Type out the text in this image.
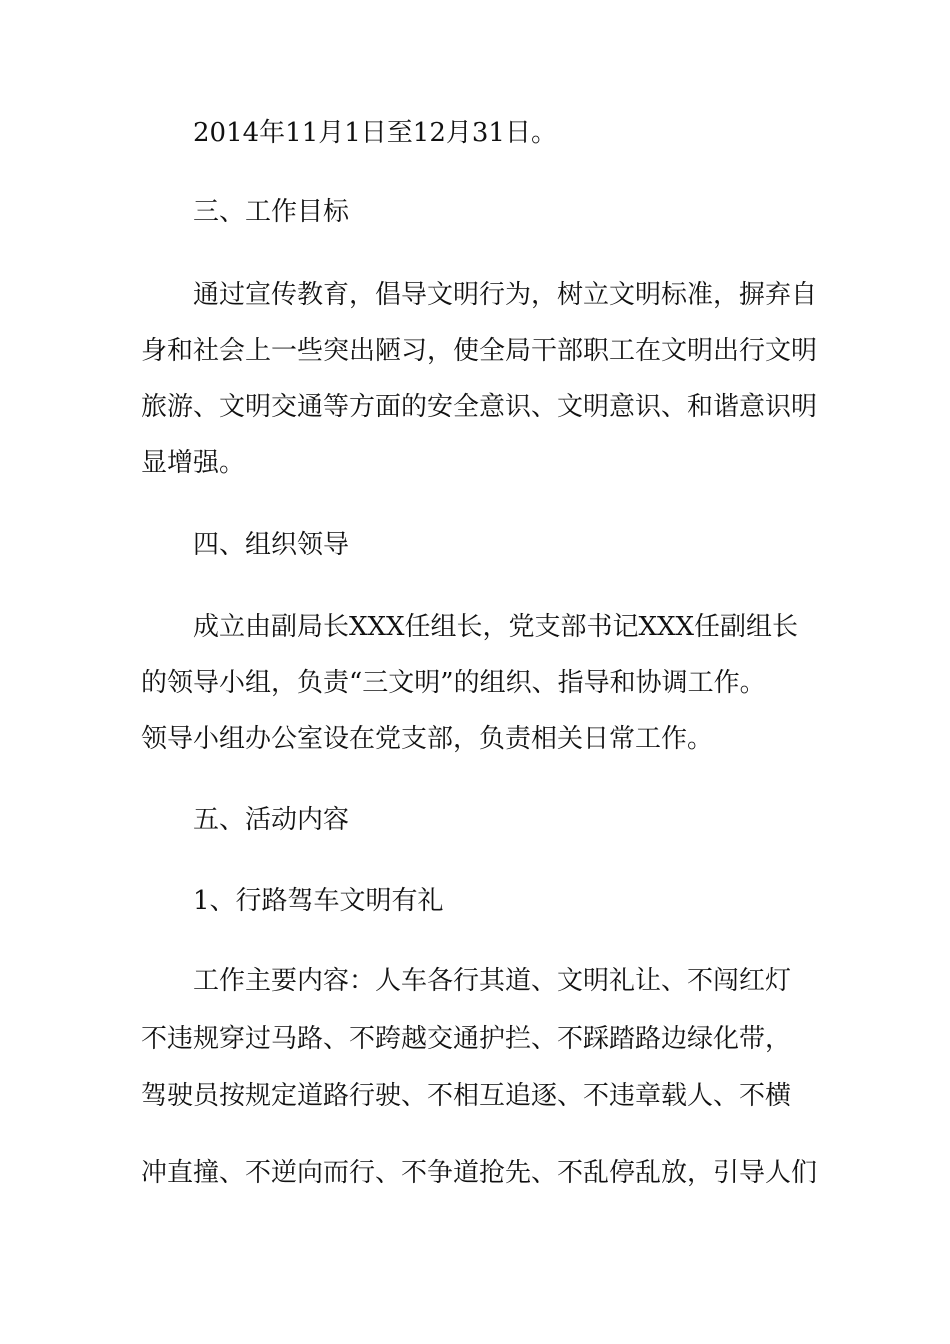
2014年11月1日至12月31日。
三、工作目标
通过宣传教育，倡导文明行为，树立文明标准，摒弃自
身和社会上一些突出陋习，使全局干部职工在文明出行文明
旅游、文明交通等方面的安全意识、文明意识、和谐意识明
显增强。
四、组织领导
成立由副局长XXX任组长，党支部书记XXX任副组长
的领导小组，负责“三文明”的组织、指导和协调工作。
领导小组办公室设在党支部，负责相关日常工作。
五、活动内容
1、行路驾车文明有礼
工作主要内容：人车各行其道、文明礼让、不闯红灯
不违规穿过马路、不跨越交通护拦、不踩踏路边绿化带，
驾驶员按规定道路行驶、不相互追逐、不违章载人、不横
冲直撞、不逆向而行、不争道抢先、不乱停乱放，引导人们
